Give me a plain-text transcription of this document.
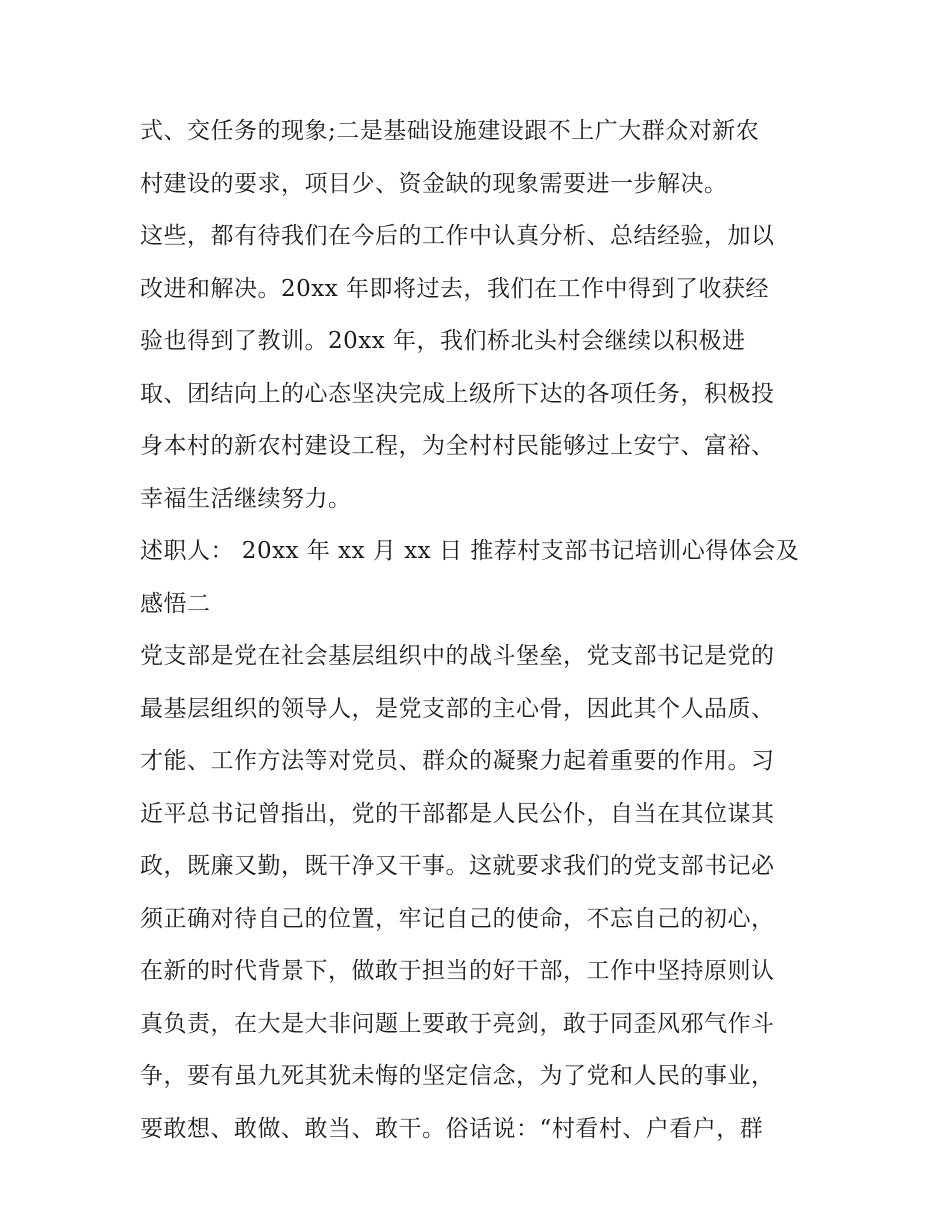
式、交任务的现象;二是基础设施建设跟不上广大群众对新农
村建设的要求，项目少、资金缺的现象需要进一步解决。
这些，都有待我们在今后的工作中认真分析、总结经验，加以
改进和解决。20xx 年即将过去，我们在工作中得到了收获经
验也得到了教训。20xx 年，我们桥北头村会继续以积极进
取、团结向上的心态坚决完成上级所下达的各项任务，积极投
身本村的新农村建设工程，为全村村民能够过上安宁、富裕、
幸福生活继续努力。
述职人： 20xx 年 xx 月 xx 日 推荐村支部书记培训心得体会及
感悟二
党支部是党在社会基层组织中的战斗堡垒，党支部书记是党的
最基层组织的领导人，是党支部的主心骨，因此其个人品质、
才能、工作方法等对党员、群众的凝聚力起着重要的作用。习
近平总书记曾指出，党的干部都是人民公仆，自当在其位谋其
政，既廉又勤，既干净又干事。这就要求我们的党支部书记必
须正确对待自己的位置，牢记自己的使命，不忘自己的初心，
在新的时代背景下，做敢于担当的好干部，工作中坚持原则认
真负责，在大是大非问题上要敢于亮剑，敢于同歪风邪气作斗
争，要有虽九死其犹未悔的坚定信念，为了党和人民的事业，
要敢想、敢做、敢当、敢干。俗话说：“村看村、户看户，群
